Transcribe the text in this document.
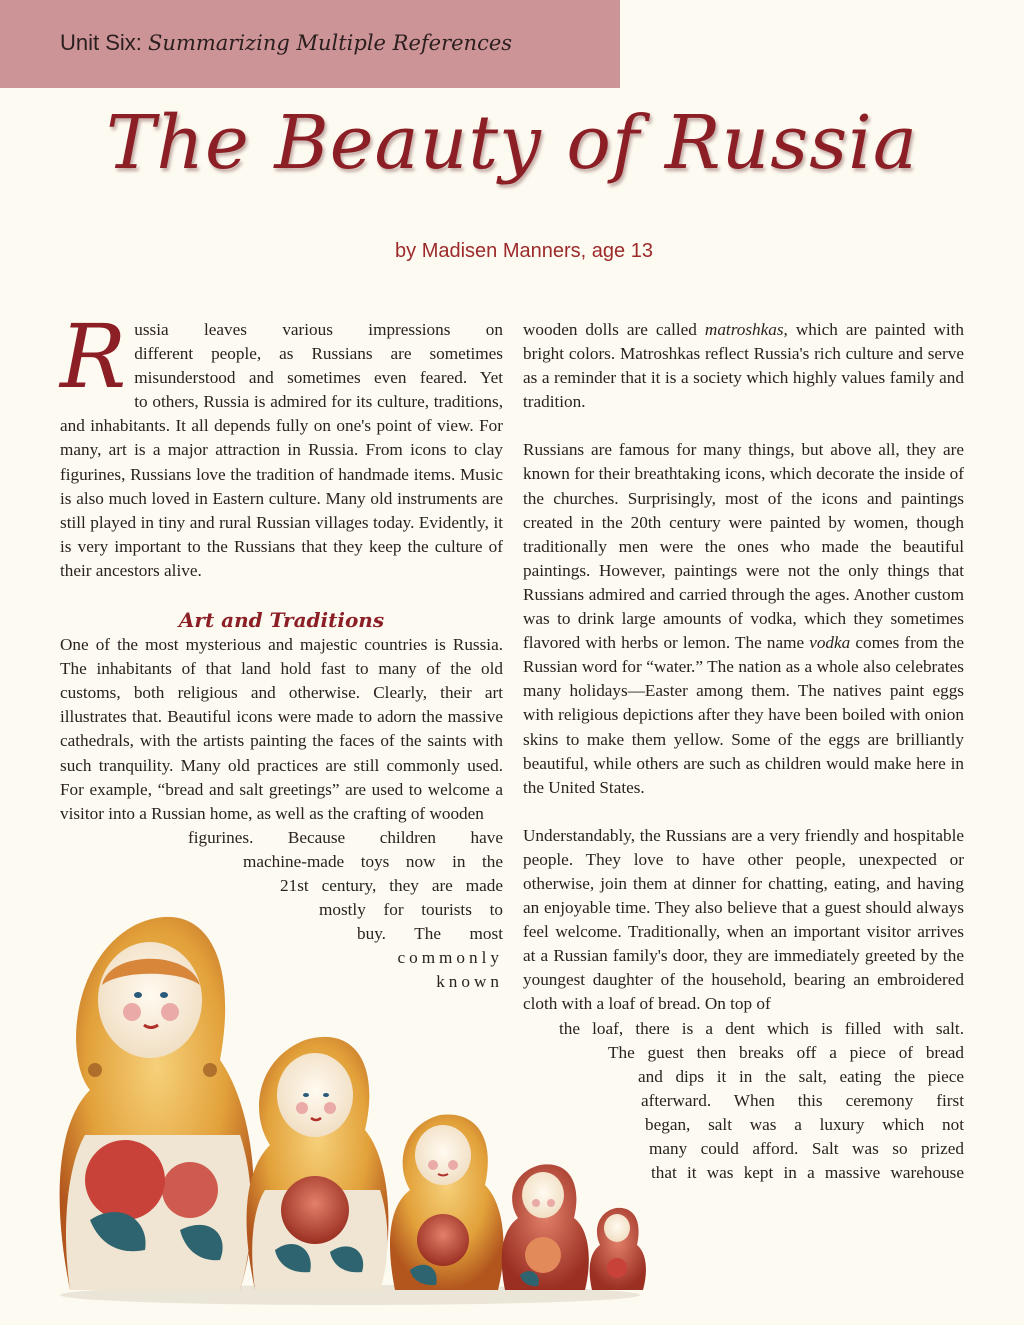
Unit Six: Summarizing Multiple References
The Beauty of Russia
by Madisen Manners, age 13
R ussia leaves various impressions on

different people, as Russians are sometimes

misunderstood and sometimes even feared. Yet

to others, Russia is admired for its culture, traditions, and inhabitants. It all depends fully on one's point of view. For many, art is a major attraction in Russia. From icons to clay figurines, Russians love the tradition of handmade items. Music is also much loved in Eastern culture. Many old instruments are still played in tiny and rural Russian villages today. Evidently, it is very important to the Russians that they keep the culture of their ancestors alive.

Art and Traditions

One of the most mysterious and majestic countries is Russia. The inhabitants of that land hold fast to many of the old customs, both religious and otherwise. Clearly, their art illustrates that. Beautiful icons were made to adorn the massive cathedrals, with the artists painting the faces of the saints with such tranquility. Many old practices are still commonly used. For example, “bread and salt greetings” are used to welcome a visitor into a Russian home, as well as the crafting of wooden

figurines. Because children have

machine-made toys now in the

21st century, they are made

mostly for tourists to

buy. The most

commonly

known

wooden dolls are called matroshkas, which are painted with bright colors. Matroshkas reflect Russia's rich culture and serve as a reminder that it is a society which highly values family and tradition.

Russians are famous for many things, but above all, they are known for their breathtaking icons, which decorate the inside of the churches. Surprisingly, most of the icons and paintings created in the 20th century were painted by women, though traditionally men were the ones who made the beautiful paintings. However, paintings were not the only things that Russians admired and carried through the ages. Another custom was to drink large amounts of vodka, which they sometimes flavored with herbs or lemon. The name vodka comes from the Russian word for “water.” The nation as a whole also celebrates many holidays—Easter among them. The natives paint eggs with religious depictions after they have been boiled with onion skins to make them yellow. Some of the eggs are brilliantly beautiful, while others are such as children would make here in the United States.

Understandably, the Russians are a very friendly and hospitable people. They love to have other people, unexpected or otherwise, join them at dinner for chatting, eating, and having an enjoyable time. They also believe that a guest should always feel welcome. Traditionally, when an important visitor arrives at a Russian family's door, they are immediately greeted by the youngest daughter of the household, bearing an embroidered cloth with a loaf of bread. On top of

the loaf, there is a dent which is filled with salt.

The guest then breaks off a piece of bread

and dips it in the salt, eating the piece

afterward. When this ceremony first

began, salt was a luxury which not

many could afford. Salt was so prized

that it was kept in a massive warehouse
